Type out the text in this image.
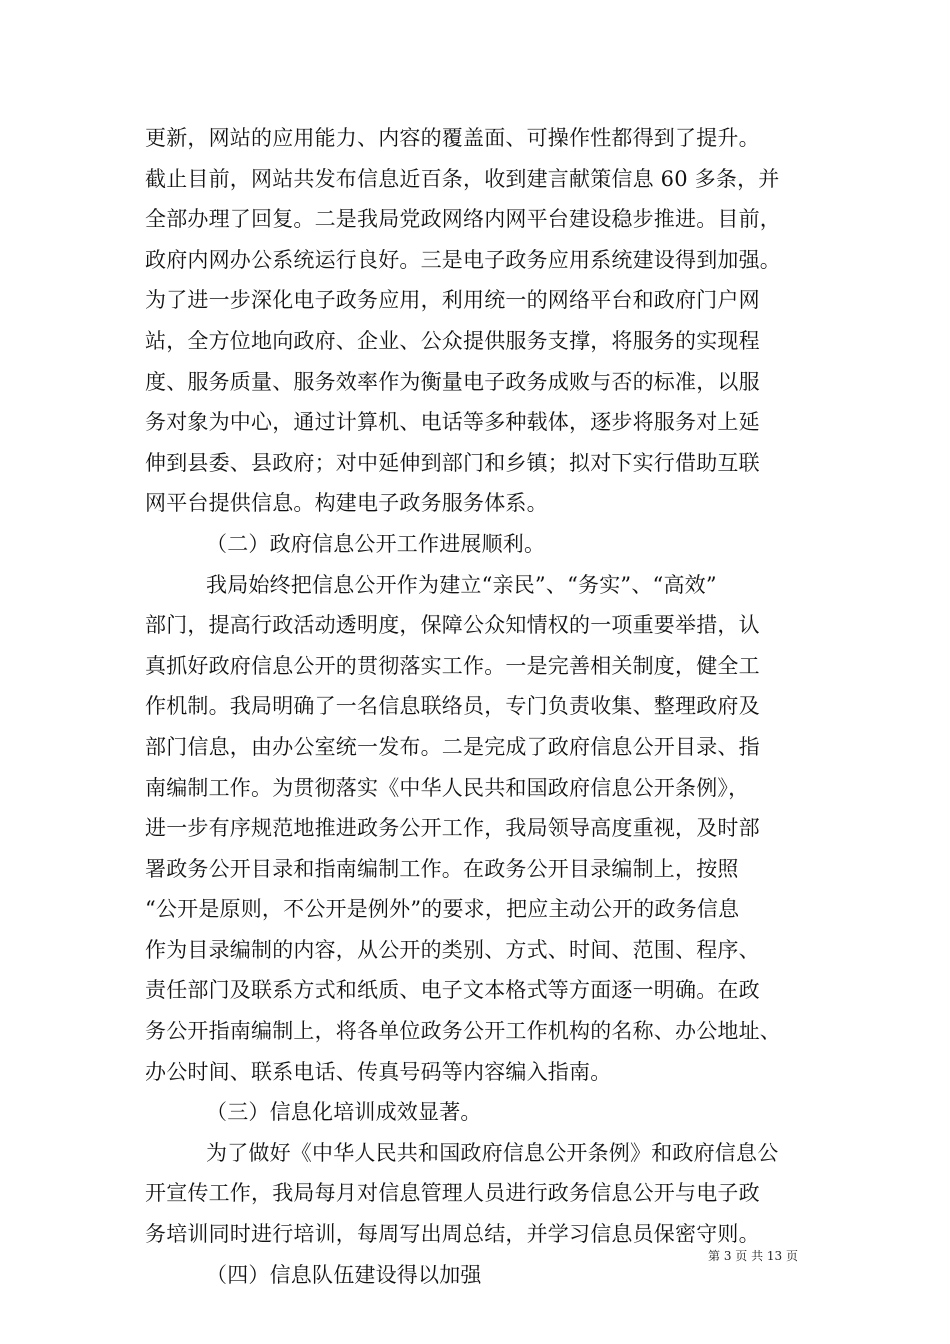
更新，网站的应用能力、内容的覆盖面、可操作性都得到了提升。
截止目前，网站共发布信息近百条，收到建言献策信息 60 多条，并
全部办理了回复。二是我局党政网络内网平台建设稳步推进。目前，
政府内网办公系统运行良好。三是电子政务应用系统建设得到加强。
为了进一步深化电子政务应用，利用统一的网络平台和政府门户网
站，全方位地向政府、企业、公众提供服务支撑，将服务的实现程
度、服务质量、服务效率作为衡量电子政务成败与否的标准，以服
务对象为中心，通过计算机、电话等多种载体，逐步将服务对上延
伸到县委、县政府；对中延伸到部门和乡镇；拟对下实行借助互联
网平台提供信息。构建电子政务服务体系。
（二）政府信息公开工作进展顺利。
我局始终把信息公开作为建立“亲民”、“务实”、“高效”
部门，提高行政活动透明度，保障公众知情权的一项重要举措，认
真抓好政府信息公开的贯彻落实工作。一是完善相关制度，健全工
作机制。我局明确了一名信息联络员，专门负责收集、整理政府及
部门信息，由办公室统一发布。二是完成了政府信息公开目录、指
南编制工作。为贯彻落实《中华人民共和国政府信息公开条例》，
进一步有序规范地推进政务公开工作，我局领导高度重视，及时部
署政务公开目录和指南编制工作。在政务公开目录编制上，按照
“公开是原则，不公开是例外”的要求，把应主动公开的政务信息
作为目录编制的内容，从公开的类别、方式、时间、范围、程序、
责任部门及联系方式和纸质、电子文本格式等方面逐一明确。在政
务公开指南编制上，将各单位政务公开工作机构的名称、办公地址、
办公时间、联系电话、传真号码等内容编入指南。
（三）信息化培训成效显著。
为了做好《中华人民共和国政府信息公开条例》和政府信息公
开宣传工作，我局每月对信息管理人员进行政务信息公开与电子政
务培训同时进行培训，每周写出周总结，并学习信息员保密守则。
（四）信息队伍建设得以加强
第 3 页 共 13 页
